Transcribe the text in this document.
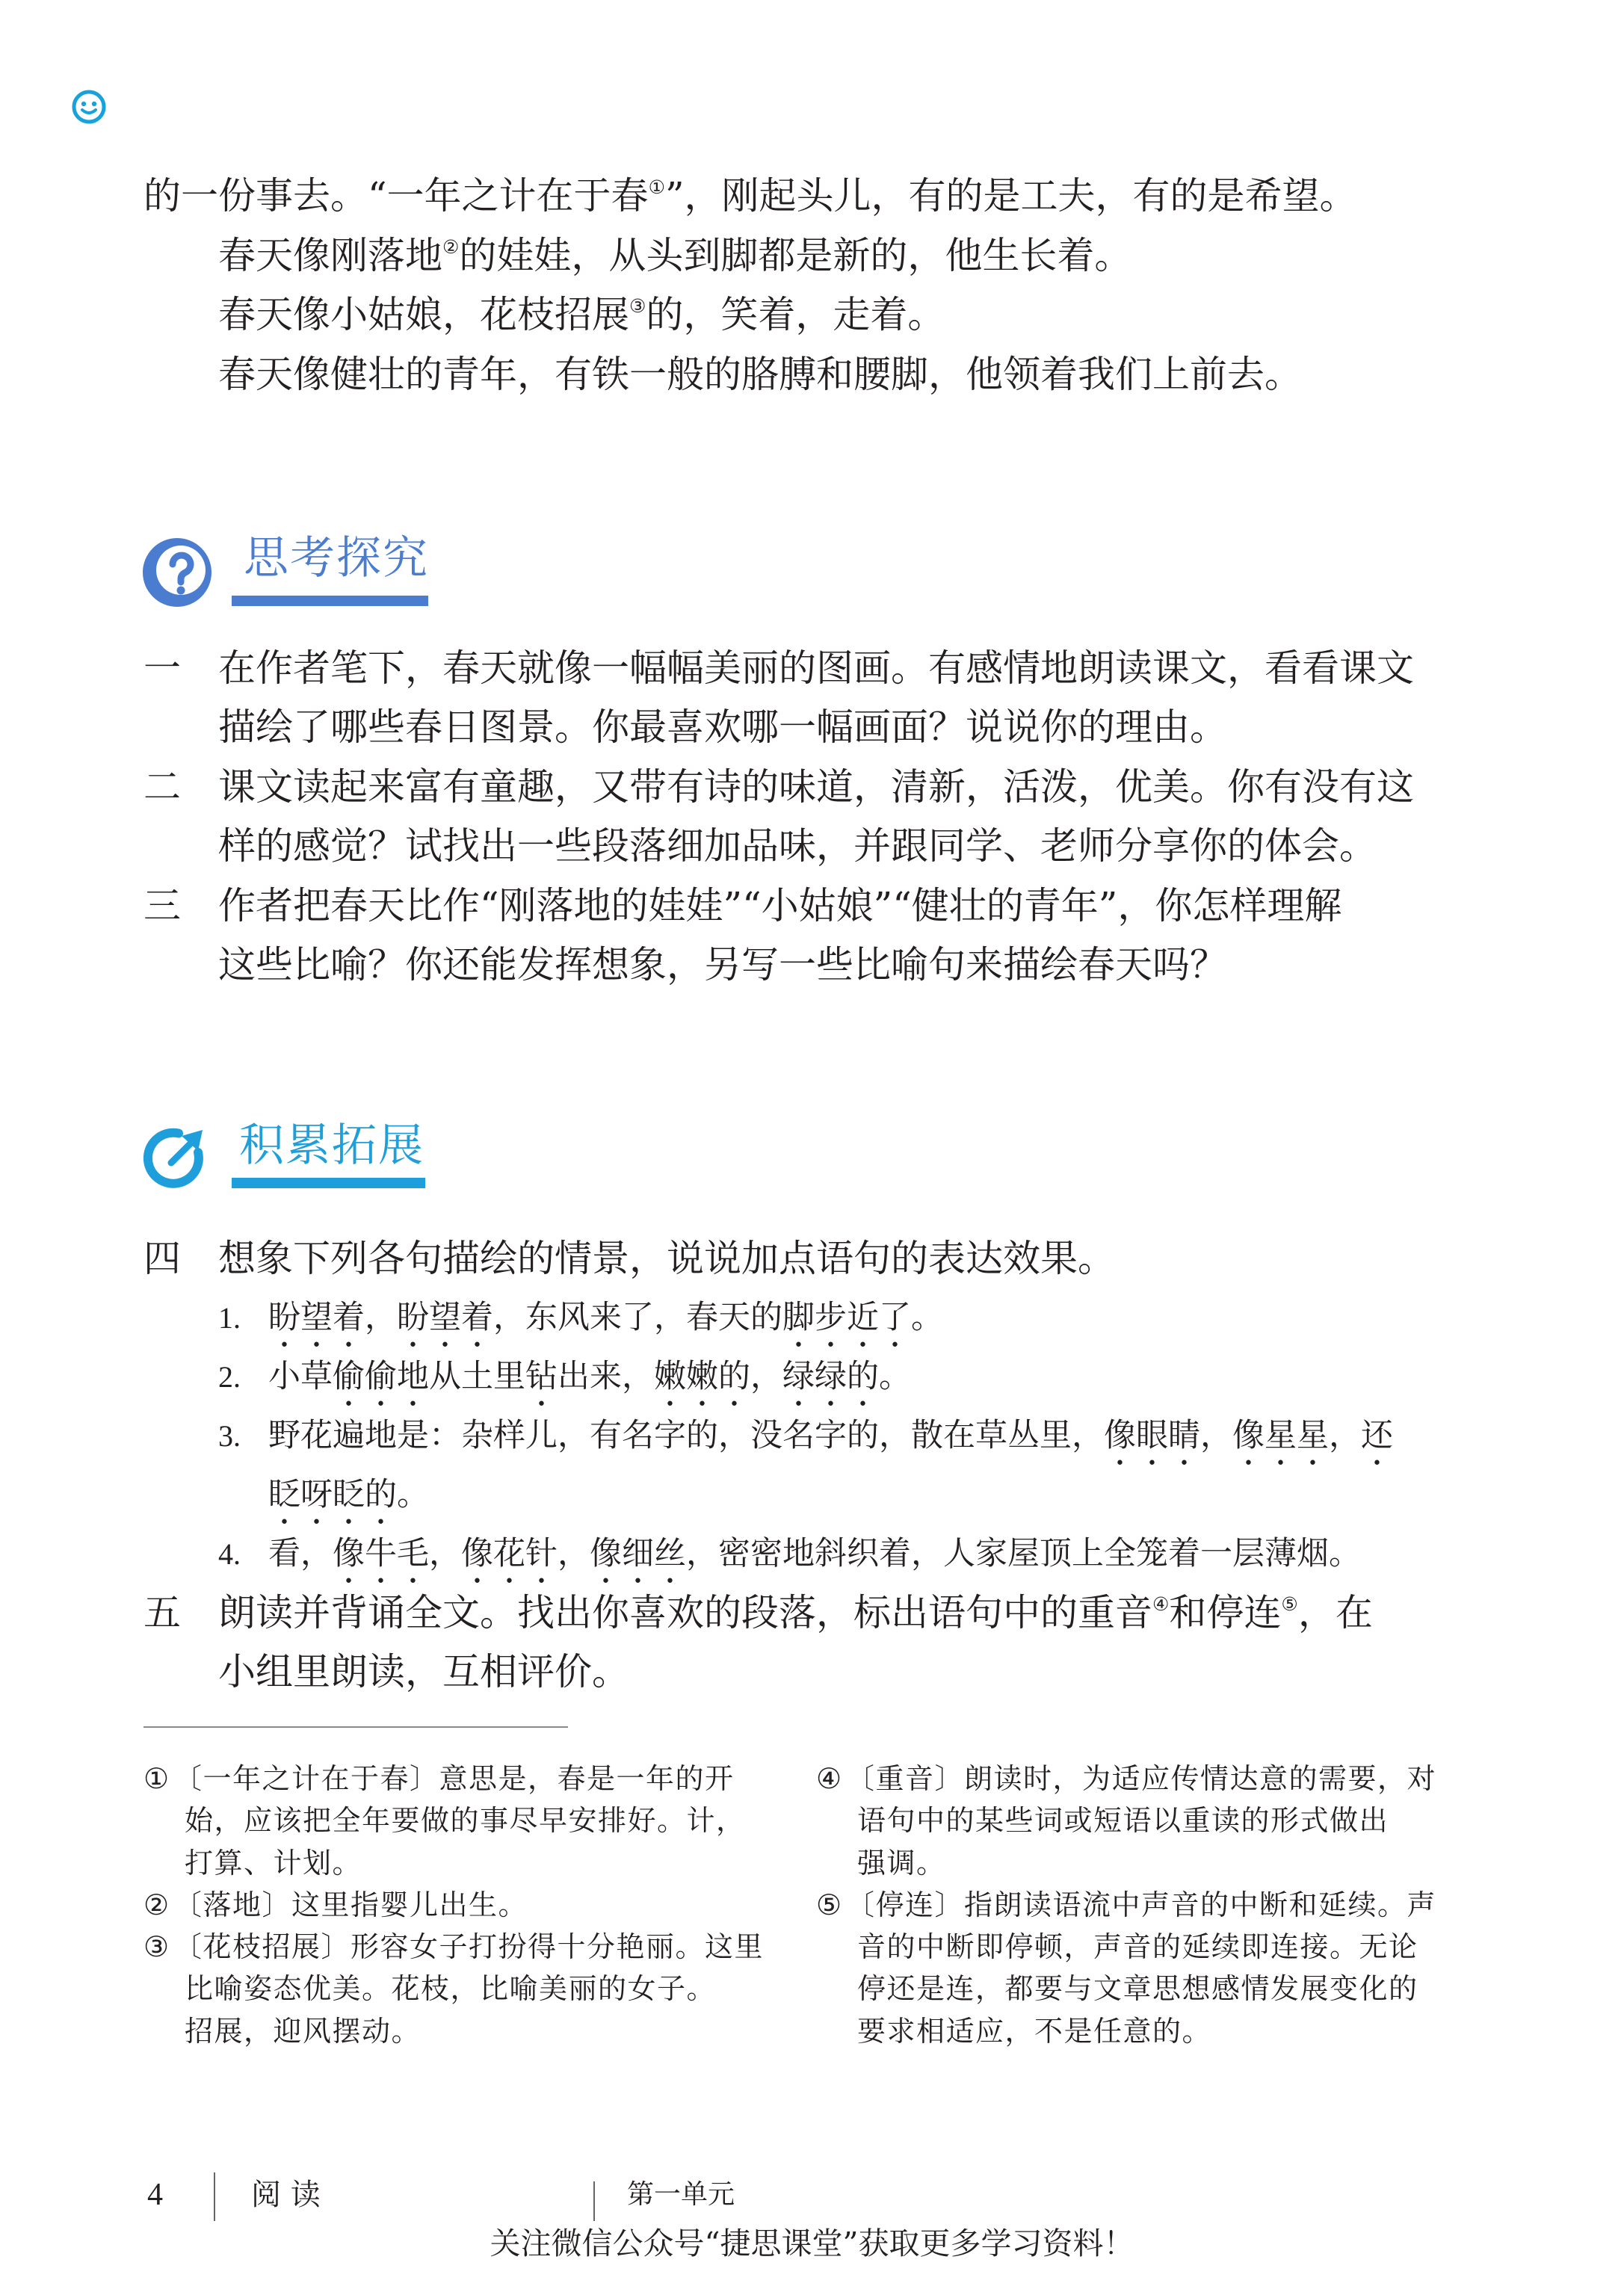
的一份事去。“一年之计在于春①”，刚起头儿，有的是工夫，有的是希望。
春天像刚落地②的娃娃，从头到脚都是新的，他生长着。
春天像小姑娘，花枝招展③的，笑着，走着。
春天像健壮的青年，有铁一般的胳膊和腰脚，他领着我们上前去。
思考探究
一	在作者笔下，春天就像一幅幅美丽的图画。有感情地朗读课文，看看课文
描绘了哪些春日图景。你最喜欢哪一幅画面？说说你的理由。
二	课文读起来富有童趣，又带有诗的味道，清新，活泼，优美。你有没有这
样的感觉？试找出一些段落细加品味，并跟同学、老师分享你的体会。
三	作者把春天比作“刚落地的娃娃”“小姑娘”“健壮的青年”，你怎样理解
这些比喻？你还能发挥想象，另写一些比喻句来描绘春天吗？
积累拓展
四	想象下列各句描绘的情景，说说加点语句的表达效果。
1. 盼望着，盼望着，东风来了，春天的脚步近了。
2. 小草偷偷地从土里钻出来，嫩嫩的，绿绿的。
3. 野花遍地是：杂样儿，有名字的，没名字的，散在草丛里，像眼睛，像星星，还
眨呀眨的。
4. 看，像牛毛，像花针，像细丝，密密地斜织着，人家屋顶上全笼着一层薄烟。
五	朗读并背诵全文。找出你喜欢的段落，标出语句中的重音④和停连⑤，在
小组里朗读，互相评价。
① 〔一年之计在于春〕意思是，春是一年的开
始，应该把全年要做的事尽早安排好。计，
打算、计划。
② 〔落地〕这里指婴儿出生。
③ 〔花枝招展〕形容女子打扮得十分艳丽。这里
比喻姿态优美。花枝，比喻美丽的女子。
招展，迎风摆动。
④ 〔重音〕朗读时，为适应传情达意的需要，对
语句中的某些词或短语以重读的形式做出
强调。
⑤ 〔停连〕指朗读语流中声音的中断和延续。声
音的中断即停顿，声音的延续即连接。无论
停还是连，都要与文章思想感情发展变化的
要求相适应，不是任意的。
4	阅 读	第一单元
关注微信公众号“捷思课堂”获取更多学习资料！
